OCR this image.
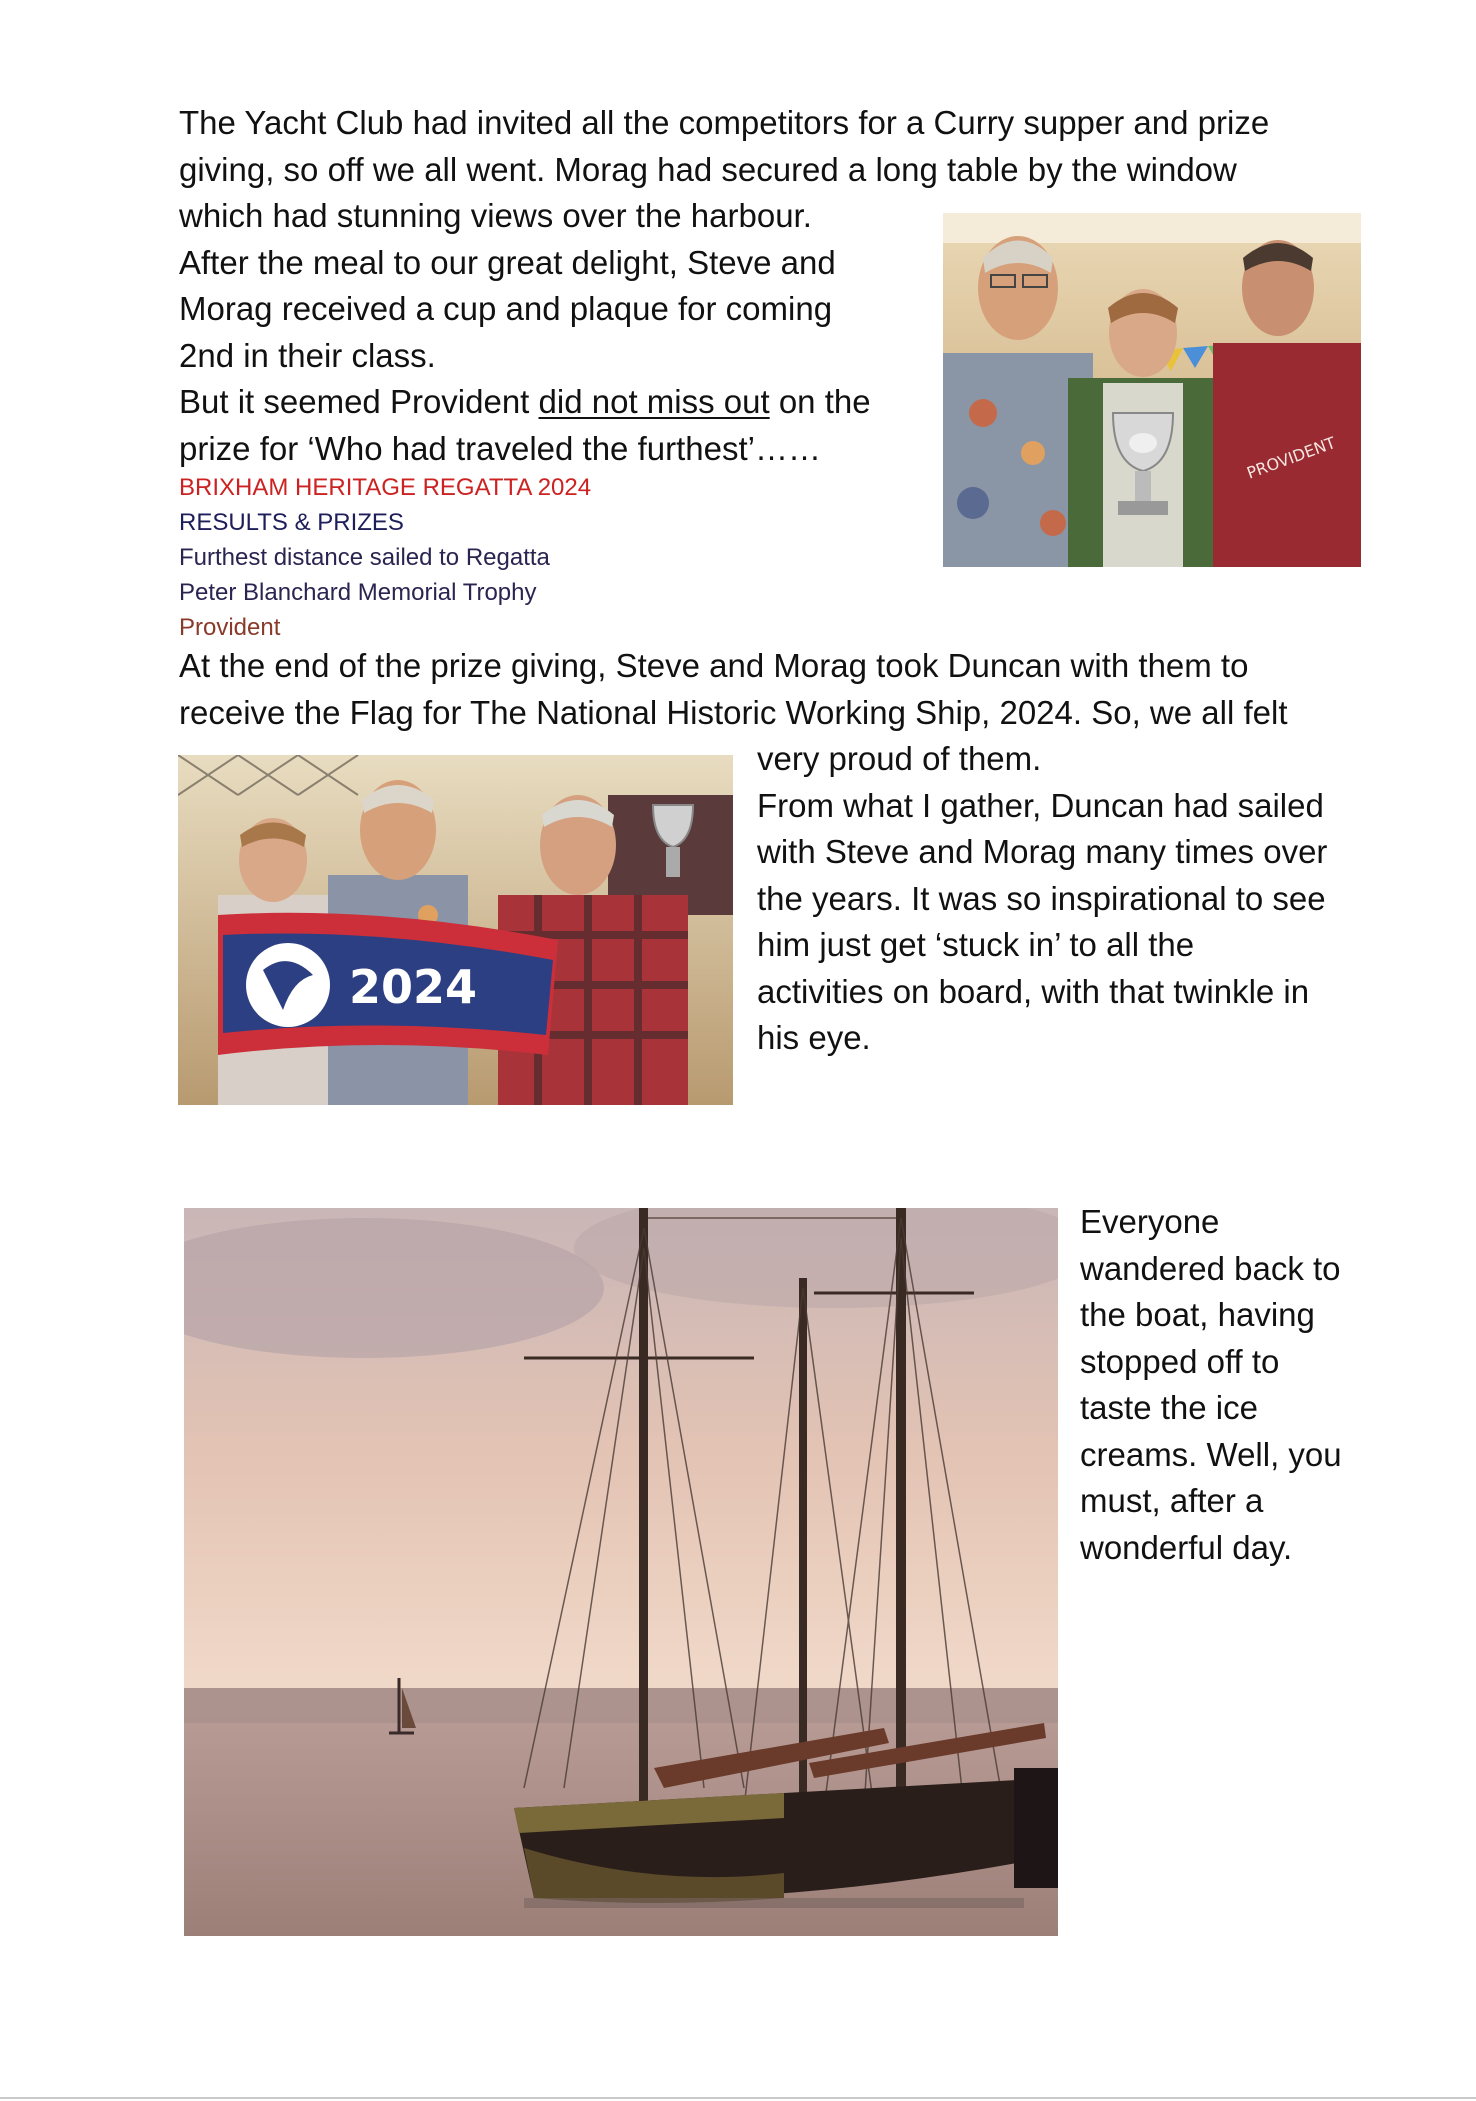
The Yacht Club had invited all the competitors for a Curry supper and prize
giving, so off we all went. Morag had secured a long table by the window
which had stunning views over the harbour.
After the meal to our great delight, Steve and
Morag received a cup and plaque for coming
2nd in their class.
But it seemed Provident did not miss out on the
prize for ‘Who had traveled the furthest’……
BRIXHAM HERITAGE REGATTA 2024
RESULTS & PRIZES
Furthest distance sailed to Regatta
Peter Blanchard Memorial Trophy
Provident
PROVIDENT
At the end of the prize giving, Steve and Morag took Duncan with them to
receive the Flag for The National Historic Working Ship, 2024. So, we all felt
very proud of them.
From what I gather, Duncan had sailed
with Steve and Morag many times over
the years. It was so inspirational to see
him just get ‘stuck in’ to all the
activities on board, with that twinkle in
his eye.
2024
Everyone
wandered back to
the boat, having
stopped off to
taste the ice
creams. Well, you
must, after a
wonderful day.
